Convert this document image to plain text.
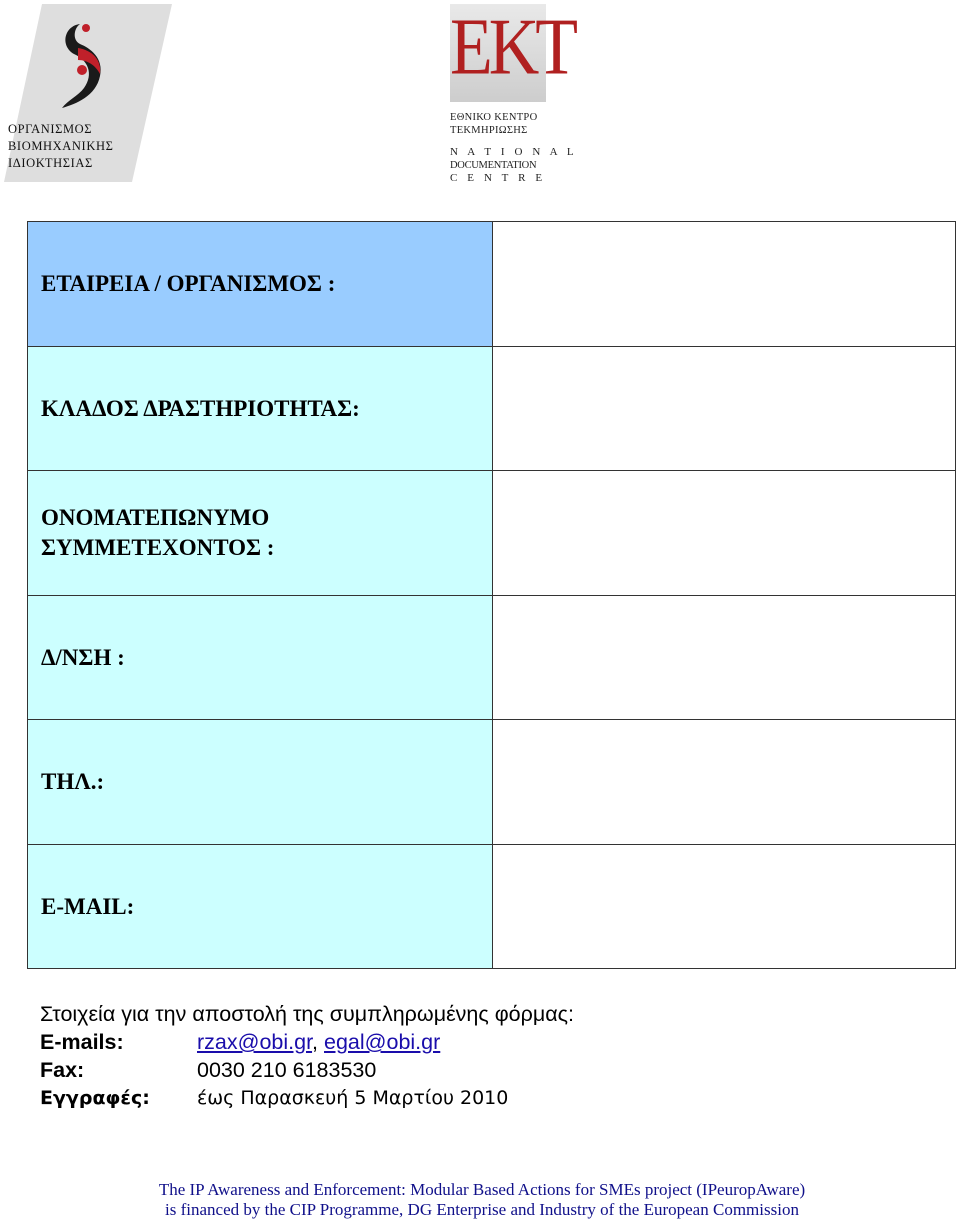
ΟΡΓΑΝΙΣΜΟΣ
ΒΙΟΜΗΧΑΝΙΚΗΣ
ΙΔΙΟΚΤΗΣΙΑΣ
EKT
ΕΘΝΙΚΟ ΚΕΝΤΡΟ
ΤΕΚΜΗΡΙΩΣΗΣ
N A T I O N A L
DOCUMENTATION
C E N T R E
ΕΤΑΙΡΕΙΑ / ΟΡΓΑΝΙΣΜΟΣ :
ΚΛΑΔΟΣ ΔΡΑΣΤΗΡΙΟΤΗΤΑΣ:
ΟΝΟΜΑΤΕΠΩΝΥΜΟ ΣΥΜΜΕΤΕΧΟΝΤΟΣ :
Δ/ΝΣΗ :
ΤΗΛ.:
E-MAIL:
Στοιχεία για την αποστολή της συμπληρωμένης φόρμας:
E-mails:	rzax@obi.gr, egal@obi.gr
Fax:	0030 210 6183530
Εγγραφές: έως Παρασκευή 5 Μαρτίου 2010
The IP Awareness and Enforcement: Modular Based Actions for SMEs project (IPeuropAware)
is financed by the CIP Programme, DG Enterprise and Industry of the European Commission
